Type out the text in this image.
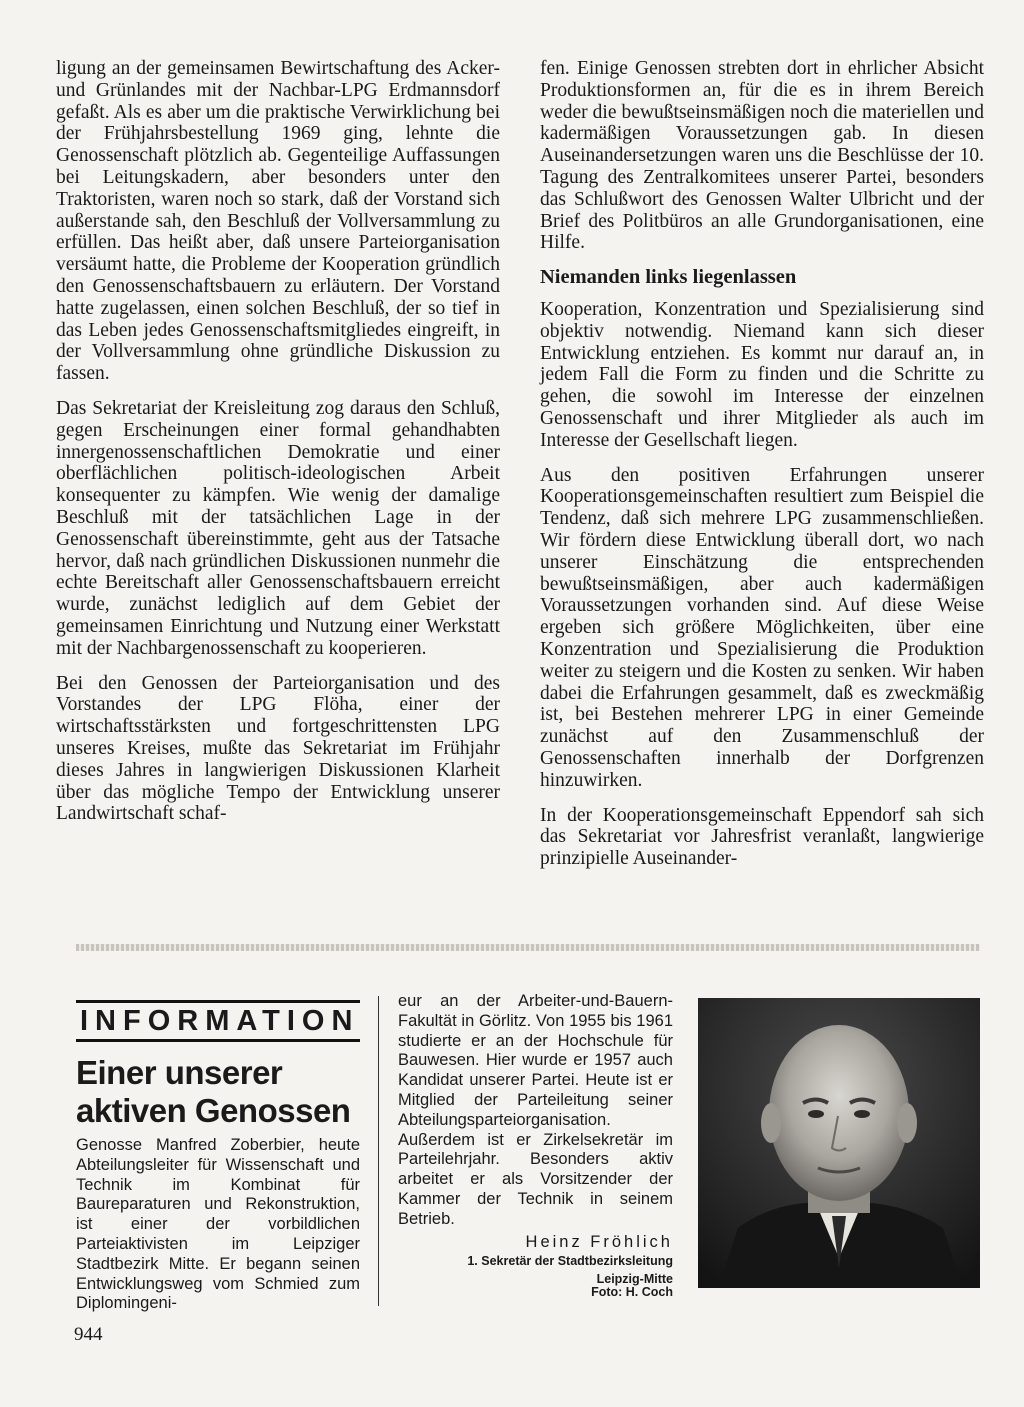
ligung an der gemeinsamen Bewirtschaftung des Acker- und Grünlandes mit der Nachbar-LPG Erdmannsdorf gefaßt. Als es aber um die praktische Verwirklichung bei der Frühjahrsbestellung 1969 ging, lehnte die Genossenschaft plötzlich ab. Gegenteilige Auffassungen bei Leitungskadern, aber besonders unter den Traktoristen, waren noch so stark, daß der Vorstand sich außerstande sah, den Beschluß der Vollversammlung zu erfüllen. Das heißt aber, daß unsere Parteiorganisation versäumt hatte, die Probleme der Kooperation gründlich den Genossenschaftsbauern zu erläutern. Der Vorstand hatte zugelassen, einen solchen Beschluß, der so tief in das Leben jedes Genossenschaftsmitgliedes eingreift, in der Vollversammlung ohne gründliche Diskussion zu fassen.

Das Sekretariat der Kreisleitung zog daraus den Schluß, gegen Erscheinungen einer formal gehandhabten innergenossenschaftlichen Demokratie und einer oberflächlichen politisch-ideologischen Arbeit konsequenter zu kämpfen. Wie wenig der damalige Beschluß mit der tatsächlichen Lage in der Genossenschaft übereinstimmte, geht aus der Tatsache hervor, daß nach gründlichen Diskussionen nunmehr die echte Bereitschaft aller Genossenschaftsbauern erreicht wurde, zunächst lediglich auf dem Gebiet der gemeinsamen Einrichtung und Nutzung einer Werkstatt mit der Nachbargenossenschaft zu kooperieren.

Bei den Genossen der Parteiorganisation und des Vorstandes der LPG Flöha, einer der wirtschaftsstärksten und fortgeschrittensten LPG unseres Kreises, mußte das Sekretariat im Frühjahr dieses Jahres in langwierigen Diskussionen Klarheit über das mögliche Tempo der Entwicklung unserer Landwirtschaft schaf-

fen. Einige Genossen strebten dort in ehrlicher Absicht Produktionsformen an, für die es in ihrem Bereich weder die bewußtseinsmäßigen noch die materiellen und kadermäßigen Voraussetzungen gab. In diesen Auseinandersetzungen waren uns die Beschlüsse der 10. Tagung des Zentralkomitees unserer Partei, besonders das Schlußwort des Genossen Walter Ulbricht und der Brief des Politbüros an alle Grundorganisationen, eine Hilfe.

Niemanden links liegenlassen

Kooperation, Konzentration und Spezialisierung sind objektiv notwendig. Niemand kann sich dieser Entwicklung entziehen. Es kommt nur darauf an, in jedem Fall die Form zu finden und die Schritte zu gehen, die sowohl im Interesse der einzelnen Genossenschaft und ihrer Mitglieder als auch im Interesse der Gesellschaft liegen.

Aus den positiven Erfahrungen unserer Kooperationsgemeinschaften resultiert zum Beispiel die Tendenz, daß sich mehrere LPG zusammenschließen. Wir fördern diese Entwicklung überall dort, wo nach unserer Einschätzung die entsprechenden bewußtseinsmäßigen, aber auch kadermäßigen Voraussetzungen vorhanden sind. Auf diese Weise ergeben sich größere Möglichkeiten, über eine Konzentration und Spezialisierung die Produktion weiter zu steigern und die Kosten zu senken. Wir haben dabei die Erfahrungen gesammelt, daß es zweckmäßig ist, bei Bestehen mehrerer LPG in einer Gemeinde zunächst auf den Zusammenschluß der Genossenschaften innerhalb der Dorfgrenzen hinzuwirken.

In der Kooperationsgemeinschaft Eppendorf sah sich das Sekretariat vor Jahresfrist veranlaßt, langwierige prinzipielle Auseinander-

INFORMATION
Einer unserer
aktiven Genossen
Genosse Manfred Zoberbier, heute Abteilungsleiter für Wissenschaft und Technik im Kombinat für Baureparaturen und Rekonstruktion, ist einer der vorbildlichen Parteiaktivisten im Leipziger Stadtbezirk Mitte. Er begann seinen Entwicklungsweg vom Schmied zum Diplomingeni-
eur an der Arbeiter-und-Bauern-Fakultät in Görlitz. Von 1955 bis 1961 studierte er an der Hochschule für Bauwesen. Hier wurde er 1957 auch Kandidat unserer Partei. Heute ist er Mitglied der Parteileitung seiner Abteilungsparteiorganisation. Außerdem ist er Zirkelsekretär im Parteilehrjahr. Besonders aktiv arbeitet er als Vorsitzender der Kammer der Technik in seinem Betrieb.
Heinz Fröhlich
1. Sekretär der Stadtbezirksleitung
Leipzig-Mitte
Foto: H. Coch
944
